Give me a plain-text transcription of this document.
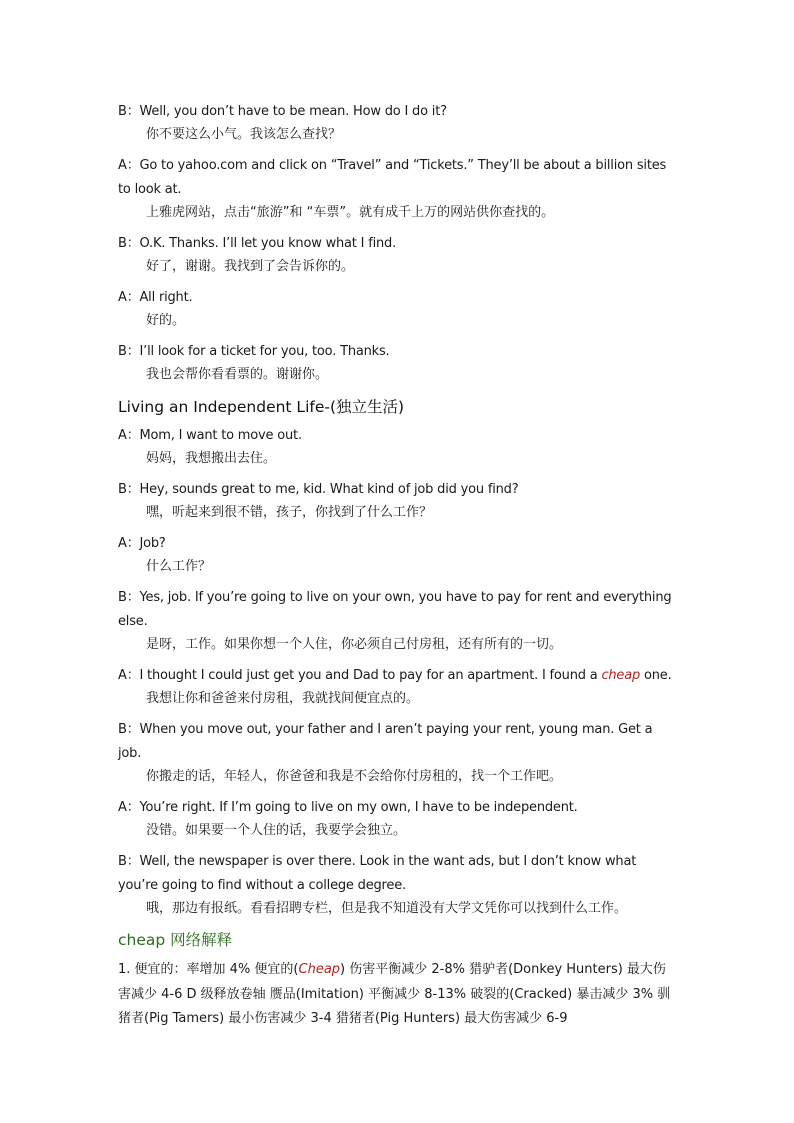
B：Well, you don’t have to be mean. How do I do it?
你不要这么小气。我该怎么查找？
A：Go to yahoo.com and click on “Travel” and “Tickets.” They’ll be about a billion sites to look at.
上雅虎网站，点击“旅游”和 “车票”。就有成千上万的网站供你查找的。
B：O.K. Thanks. I’ll let you know what I find.
好了，谢谢。我找到了会告诉你的。
A：All right.
好的。
B：I’ll look for a ticket for you, too. Thanks.
我也会帮你看看票的。谢谢你。
Living an Independent Life-(独立生活)
A：Mom, I want to move out.
妈妈，我想搬出去住。
B：Hey, sounds great to me, kid. What kind of job did you find?
嘿，听起来到很不错，孩子，你找到了什么工作？
A：Job?
什么工作？
B：Yes, job. If you’re going to live on your own, you have to pay for rent and everything else.
是呀，工作。如果你想一个人住，你必须自己付房租，还有所有的一切。
A：I thought I could just get you and Dad to pay for an apartment. I found a cheap one.
我想让你和爸爸来付房租，我就找间便宜点的。
B：When you move out, your father and I aren’t paying your rent, young man. Get a job.
你搬走的话，年轻人，你爸爸和我是不会给你付房租的，找一个工作吧。
A：You’re right. If I’m going to live on my own, I have to be independent.
没错。如果要一个人住的话，我要学会独立。
B：Well, the newspaper is over there. Look in the want ads, but I don’t know what you’re going to find without a college degree.
哦，那边有报纸。看看招聘专栏，但是我不知道没有大学文凭你可以找到什么工作。
cheap 网络解释
1. 便宜的：率增加 4% 便宜的(Cheap) 伤害平衡减少 2-8% 猎驴者(Donkey Hunters) 最大伤害减少 4-6 D 级释放卷轴 赝品(Imitation) 平衡减少 8-13% 破裂的(Cracked) 暴击减少 3% 驯猪者(Pig Tamers) 最小伤害减少 3-4 猎猪者(Pig Hunters) 最大伤害减少 6-9
